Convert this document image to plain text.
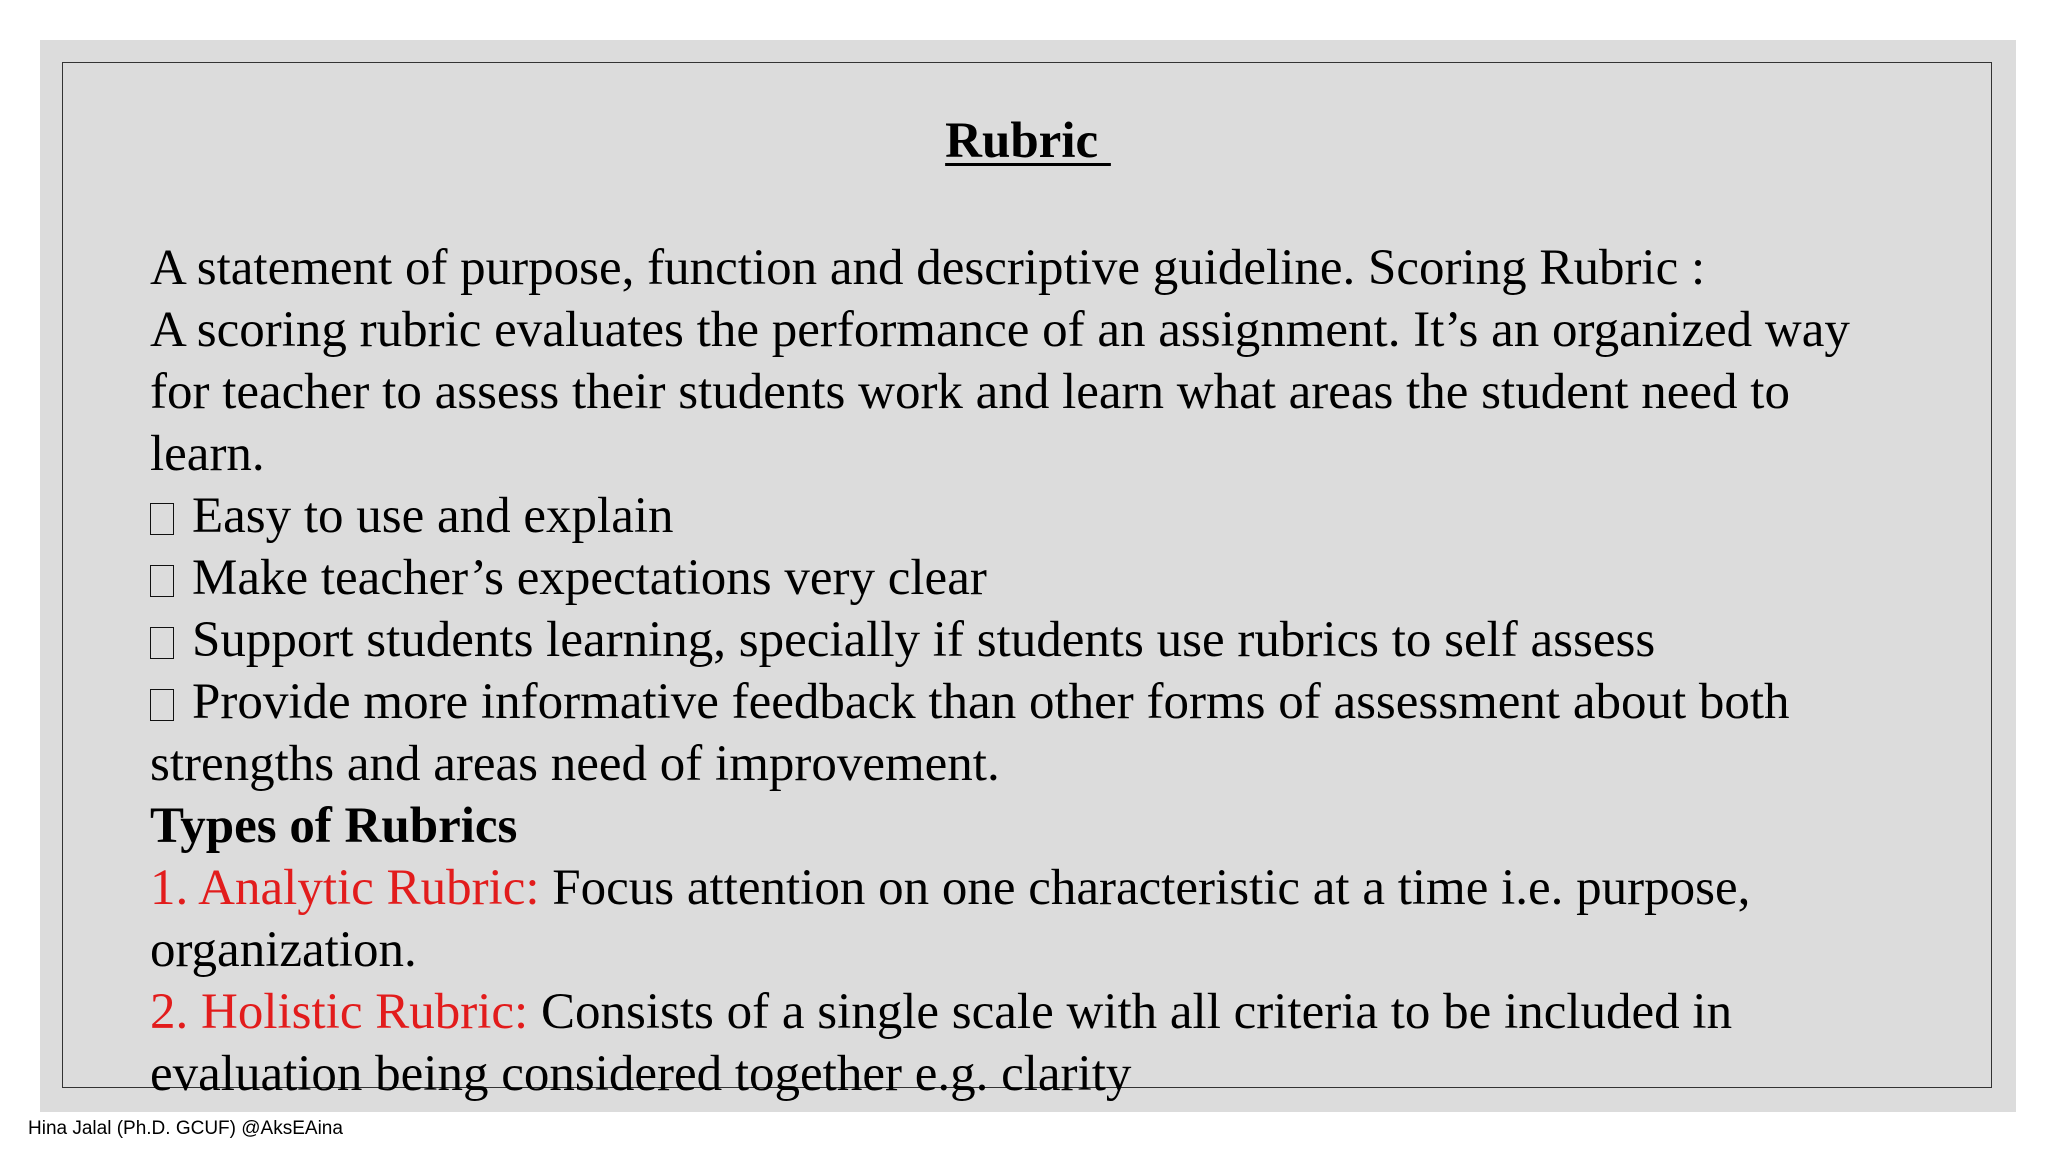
Rubric
A statement of purpose, function and descriptive guideline. Scoring Rubric :
A scoring rubric evaluates the performance of an assignment. It’s an organized way
for teacher to assess their students work and learn what areas the student need to
learn.
Easy to use and explain
Make teacher’s expectations very clear
Support students learning, specially if students use rubrics to self assess
Provide more informative feedback than other forms of assessment about both
strengths and areas need of improvement.
Types of Rubrics
1. Analytic Rubric: Focus attention on one characteristic at a time i.e. purpose,
organization.
2. Holistic Rubric: Consists of a single scale with all criteria to be included in
evaluation being considered together e.g. clarity
Hina Jalal (Ph.D. GCUF) @AksEAina
